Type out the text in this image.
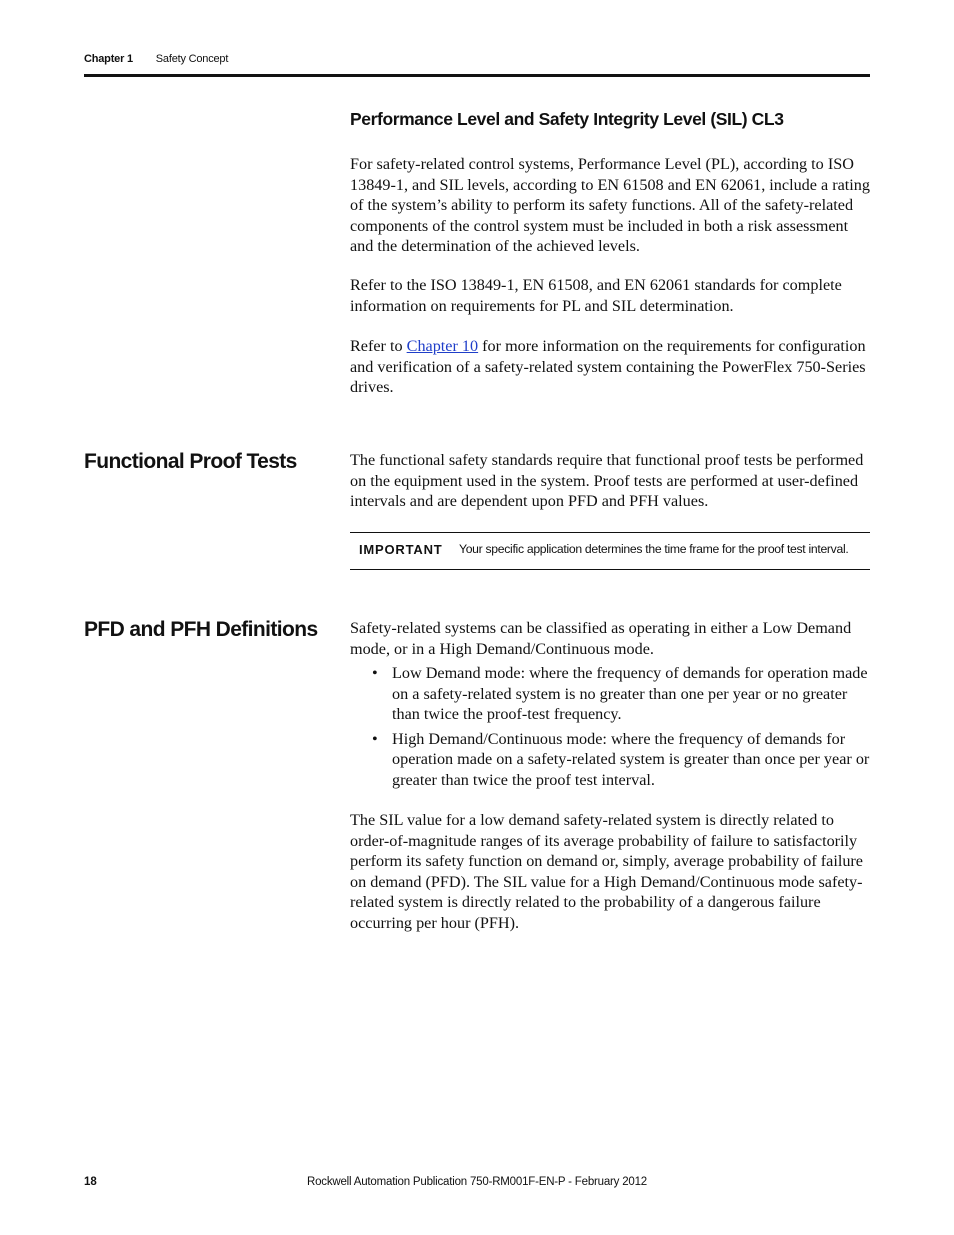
Chapter 1 Safety Concept
Performance Level and Safety Integrity Level (SIL) CL3

For safety-related control systems, Performance Level (PL), according to ISO 13849-1, and SIL levels, according to EN 61508 and EN 62061, include a rating of the system’s ability to perform its safety functions. All of the safety-related components of the control system must be included in both a risk assessment and the determination of the achieved levels.

Refer to the ISO 13849-1, EN 61508, and EN 62061 standards for complete information on requirements for PL and SIL determination.

Refer to Chapter 10 for more information on the requirements for configuration and verification of a safety-related system containing the PowerFlex 750-Series drives.

Functional Proof Tests	The functional safety standards require that functional proof tests be performed on the equipment used in the system. Proof tests are performed at user-defined intervals and are dependent upon PFD and PFH values.

IMPORTANT Your specific application determines the time frame for the proof test interval.
PFD and PFH Definitions Safety-related systems can be classified as operating in either a Low Demand mode, or in a High Demand/Continuous mode.

• Low Demand mode: where the frequency of demands for operation made on a safety-related system is no greater than one per year or no greater than twice the proof-test frequency.
• High Demand/Continuous mode: where the frequency of demands for operation made on a safety-related system is greater than once per year or greater than twice the proof test interval.

The SIL value for a low demand safety-related system is directly related to order-of-magnitude ranges of its average probability of failure to satisfactorily perform its safety function on demand or, simply, average probability of failure on demand (PFD). The SIL value for a High Demand/Continuous mode safety-related system is directly related to the probability of a dangerous failure occurring per hour (PFH).

18	Rockwell Automation Publication 750-RM001F-EN-P - February 2012
